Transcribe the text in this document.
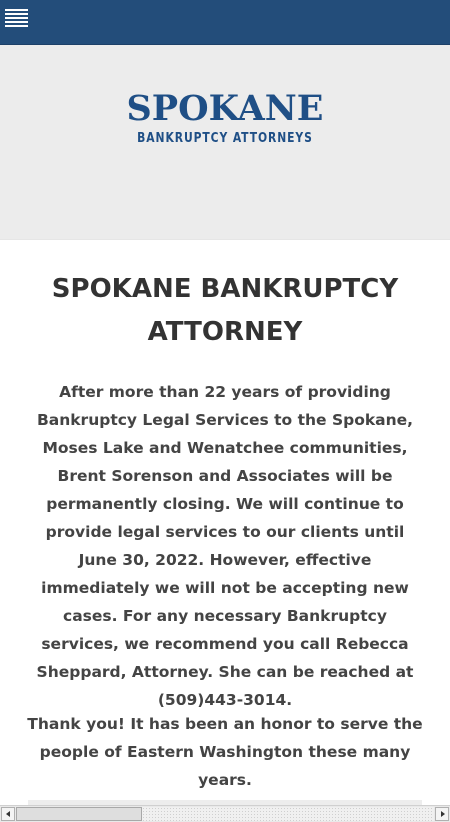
SPOKANE
BANKRUPTCY ATTORNEYS
SPOKANE BANKRUPTCY ATTORNEY

After more than 22 years of providing Bankruptcy Legal Services to the Spokane, Moses Lake and Wenatchee communities, Brent Sorenson and Associates will be permanently closing. We will continue to provide legal services to our clients until June 30, 2022. However, effective immediately we will not be accepting new cases. For any necessary Bankruptcy services, we recommend you call Rebecca Sheppard, Attorney. She can be reached at (509)443-3014.

Thank you! It has been an honor to serve the people of Eastern Washington these many years.
